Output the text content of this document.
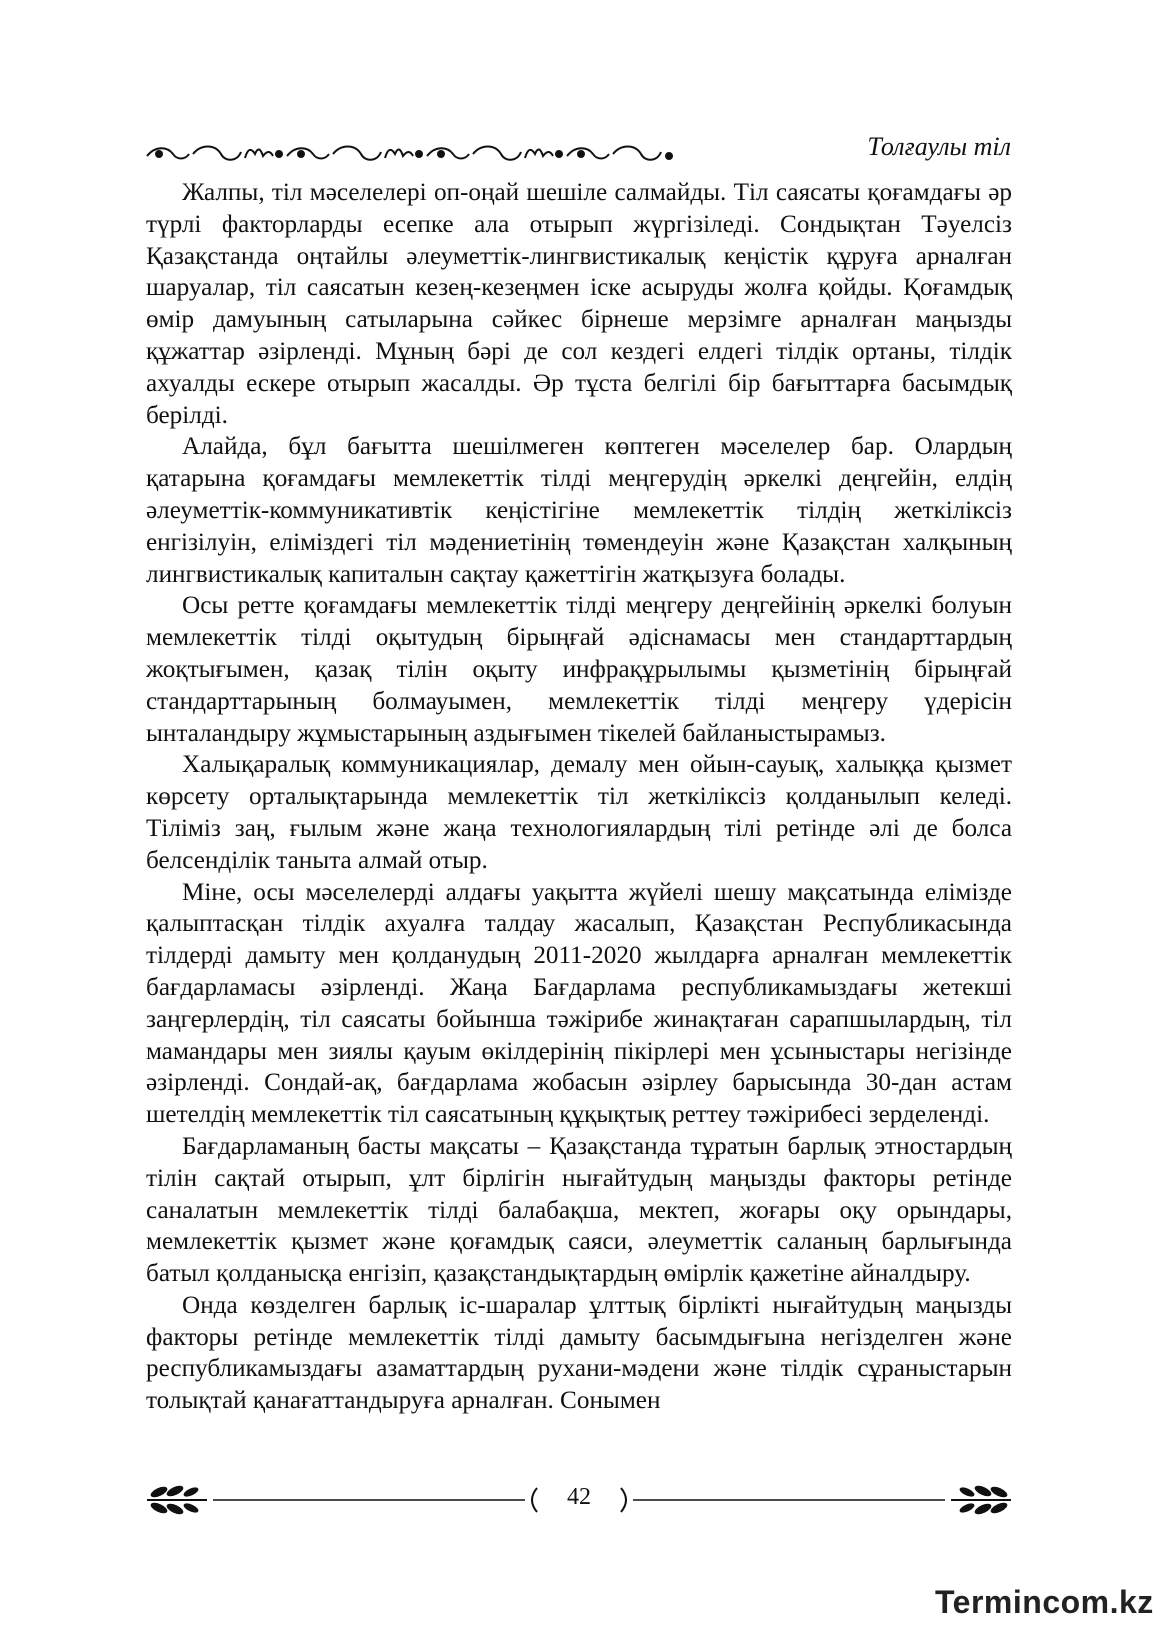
Толғаулы тіл

Жалпы, тіл мәселелері оп-оңай шешіле салмайды. Тіл саясаты қоғамдағы әр түрлі факторларды есепке ала отырып жүргізіледі. Сондықтан Тәуелсіз Қазақстанда оңтайлы әлеуметтік-лингвистикалық кеңістік құруға арналған шаруалар, тіл саясатын кезең-кезеңмен іске асыруды жолға қойды. Қоғамдық өмір дамуының сатыларына сәйкес бірнеше мерзімге арналған маңызды құжаттар әзірленді. Мұның бәрі де сол кездегі елдегі тілдік ортаны, тілдік ахуалды ескере отырып жасалды. Әр тұста белгілі бір бағыттарға басымдық берілді.

Алайда, бұл бағытта шешілмеген көптеген мәселелер бар. Олардың қатарына қоғамдағы мемлекеттік тілді меңгерудің әркелкі деңгейін, елдің әлеуметтік-коммуникативтік кеңістігіне мемлекеттік тілдің жеткіліксіз енгізілуін, еліміздегі тіл мәдениетінің төмендеуін және Қазақстан халқының лингвистикалық капиталын сақтау қажеттігін жатқызуға болады.

Осы ретте қоғамдағы мемлекеттік тілді меңгеру деңгейінің әркелкі болуын мемлекеттік тілді оқытудың бірыңғай әдіснамасы мен стандарттардың жоқтығымен, қазақ тілін оқыту инфрақұрылымы қызметінің бірыңғай стандарттарының болмауымен, мемлекеттік тілді меңгеру үдерісін ынталандыру жұмыстарының аздығымен тікелей байланыстырамыз.

Халықаралық коммуникациялар, демалу мен ойын-сауық, халыққа қызмет көрсету орталықтарында мемлекеттік тіл жеткіліксіз қолданылып келеді. Тіліміз заң, ғылым және жаңа технологиялардың тілі ретінде әлі де болса белсенділік таныта алмай отыр.

Міне, осы мәселелерді алдағы уақытта жүйелі шешу мақсатында елімізде қалыптасқан тілдік ахуалға талдау жасалып, Қазақстан Республикасында тілдерді дамыту мен қолданудың 2011-2020 жылдарға арналған мемлекеттік бағдарламасы әзірленді. Жаңа Бағдарлама республикамыздағы жетекші заңгерлердің, тіл саясаты бойынша тәжірибе жинақтаған сарапшылардың, тіл мамандары мен зиялы қауым өкілдерінің пікірлері мен ұсыныстары негізінде әзірленді. Сондай-ақ, бағдарлама жобасын әзірлеу барысында 30-дан астам шетелдің мемлекеттік тіл саясатының құқықтық реттеу тәжірибесі зерделенді.

Бағдарламаның басты мақсаты – Қазақстанда тұратын барлық этностардың тілін сақтай отырып, ұлт бірлігін нығайтудың маңызды факторы ретінде саналатын мемлекеттік тілді балабақша, мектеп, жоғары оқу орындары, мемлекеттік қызмет және қоғамдық саяси, әлеуметтік саланың барлығында батыл қолданысқа енгізіп, қазақстандықтардың өмірлік қажетіне айналдыру.

Онда көзделген барлық іс-шаралар ұлттық бірлікті нығайтудың маңызды факторы ретінде мемлекеттік тілді дамыту басымдығына негізделген және республикамыздағы азаматтардың рухани-мәдени және тілдік сұраныстарын толықтай қанағаттандыруға арналған. Сонымен

42
Termincom.kz
